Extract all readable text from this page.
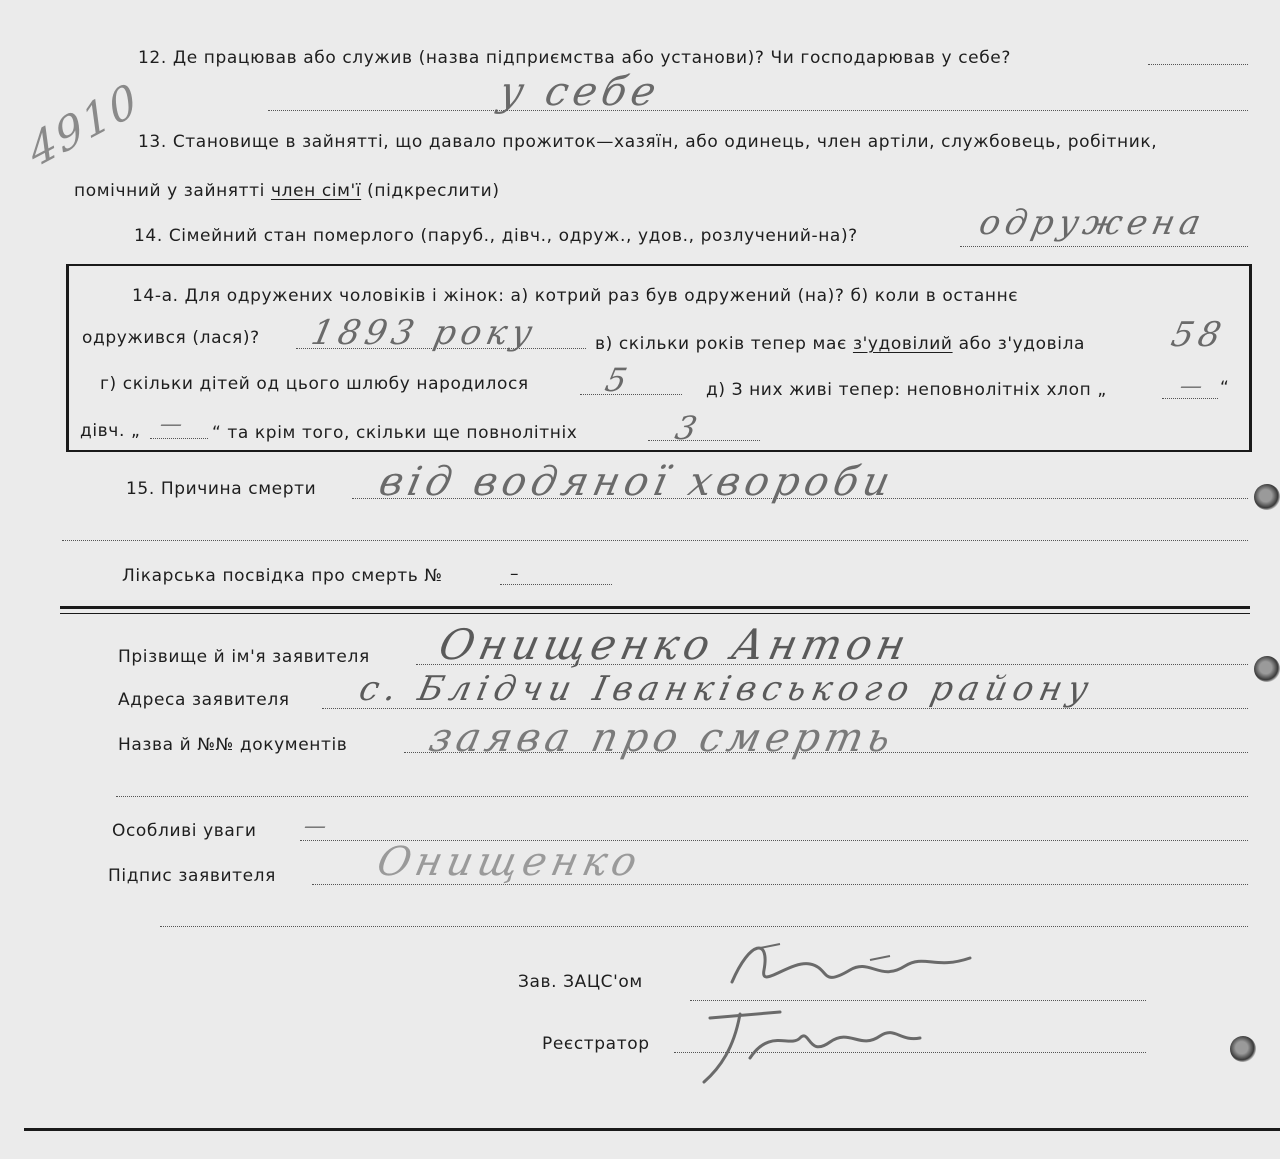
12. Де працював або служив (назва підприємства або установи)? Чи господарював у себе?
у себе
4910
13. Становище в зайнятті, що давало прожиток—хазяїн, або одинець, член артіли, службовець, робітник,
помічний у зайнятті член сім'ї (підкреслити)
14. Сімейний стан померлого (паруб., дівч., одруж., удов., розлучений-на)?	одружена
14-а. Для одружених чоловіків і жінок: а) котрий раз був одружений (на)? б) коли в останнє
одружився (лася)? 1893 року	в) скільки років тепер має з'удовілий або з'удовіла 58
г) скільки дітей од цього шлюбу народилося 5	д) З них живі тепер: неповнолітніх хлоп „	— “
дівч. „ — “ та крім того, скільки ще повнолітніх	3
15. Причина смерти від водяної хвороби
Лікарська посвідка про смерть №	–
Прізвище й ім'я заявителя Онищенко Антон
Адреса заявителя с. Блідчи Іванківського району
Назва й №№ документів заява про смерть
Особливі уваги —
Підпис заявителя Онищенко
Зав. ЗАЦС'ом
Реєстратор
